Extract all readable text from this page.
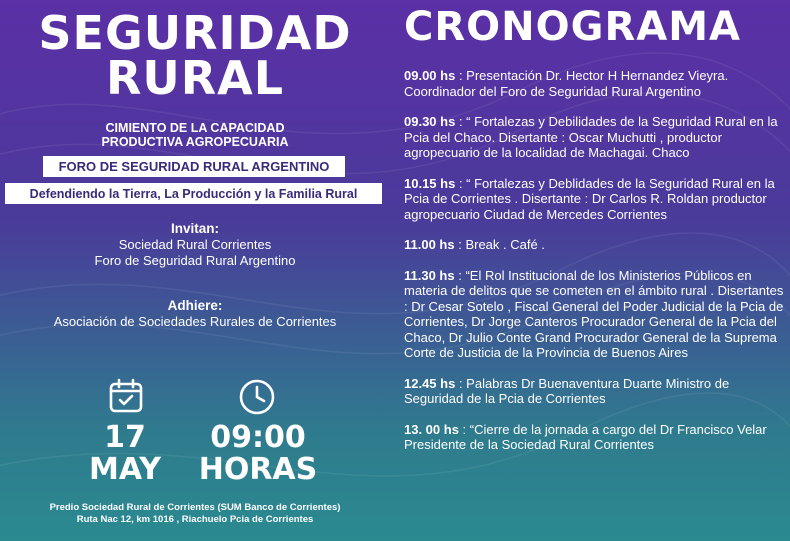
SEGURIDAD
RURAL
CIMIENTO DE LA CAPACIDAD
PRODUCTIVA AGROPECUARIA
FORO DE SEGURIDAD RURAL ARGENTINO
Defendiendo la Tierra, La Producción y la Familia Rural
Invitan:
Sociedad Rural Corrientes
Foro de Seguridad Rural Argentino
Adhiere:
Asociación de Sociedades Rurales de Corrientes
17
MAY
09:00
HORAS
Predio Sociedad Rural de Corrientes (SUM Banco de Corrientes)
Ruta Nac 12, km 1016 , Riachuelo Pcia de Corrientes
CRONOGRAMA
09.00 hs : Presentación Dr. Hector H Hernandez Vieyra. Coordinador del Foro de Seguridad Rural Argentino
09.30 hs : “ Fortalezas y Debilidades de la Seguridad Rural en la Pcia del Chaco. Disertante : Oscar Muchutti , productor agropecuario de la localidad de Machagai. Chaco
10.15 hs : “ Fortalezas y Deblidades de la Seguridad Rural en la Pcia de Corrientes . Disertante : Dr Carlos R. Roldan productor agropecuario Ciudad de Mercedes Corrientes
11.00 hs : Break . Café .
11.30 hs : “El Rol Institucional de los Ministerios Públicos en materia de delitos que se cometen en el ámbito rural . Disertantes : Dr Cesar Sotelo , Fiscal General del Poder Judicial de la Pcia de Corrientes, Dr Jorge Canteros Procurador General de la Pcia del Chaco, Dr Julio Conte Grand Procurador General de la Suprema Corte de Justicia de la Provincia de Buenos Aires
12.45 hs : Palabras Dr Buenaventura Duarte Ministro de Seguridad de la Pcia de Corrientes
13. 00 hs : “Cierre de la jornada a cargo del Dr Francisco Velar Presidente de la Sociedad Rural Corrientes
